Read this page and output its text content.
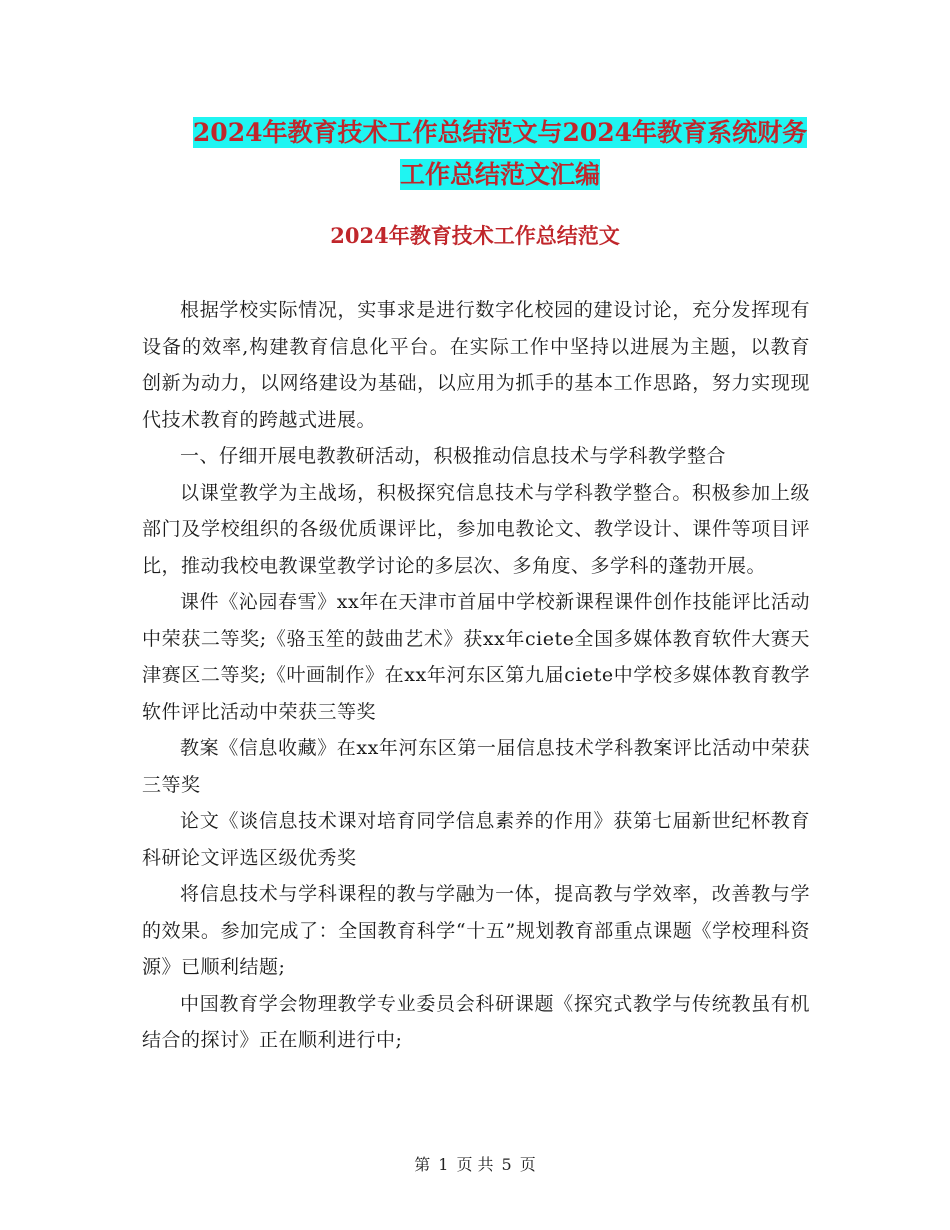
2024年教育技术工作总结范文与2024年教育系统财务
工作总结范文汇编
2024年教育技术工作总结范文

根据学校实际情况，实事求是进行数字化校园的建设讨论，充分发挥现有设备的效率,构建教育信息化平台。在实际工作中坚持以进展为主题，以教育创新为动力，以网络建设为基础，以应用为抓手的基本工作思路，努力实现现代技术教育的跨越式进展。

一、仔细开展电教教研活动，积极推动信息技术与学科教学整合

以课堂教学为主战场，积极探究信息技术与学科教学整合。积极参加上级部门及学校组织的各级优质课评比，参加电教论文、教学设计、课件等项目评比，推动我校电教课堂教学讨论的多层次、多角度、多学科的蓬勃开展。

课件《沁园春雪》xx年在天津市首届中学校新课程课件创作技能评比活动中荣获二等奖;《骆玉笙的鼓曲艺术》获xx年ciete全国多媒体教育软件大赛天津赛区二等奖;《叶画制作》在xx年河东区第九届ciete中学校多媒体教育教学软件评比活动中荣获三等奖

教案《信息收藏》在xx年河东区第一届信息技术学科教案评比活动中荣获三等奖

论文《谈信息技术课对培育同学信息素养的作用》获第七届新世纪杯教育科研论文评选区级优秀奖

将信息技术与学科课程的教与学融为一体，提高教与学效率，改善教与学的效果。参加完成了：全国教育科学“十五”规划教育部重点课题《学校理科资源》已顺利结题;

中国教育学会物理教学专业委员会科研课题《探究式教学与传统教虽有机结合的探讨》正在顺利进行中;

第 1 页 共 5 页
